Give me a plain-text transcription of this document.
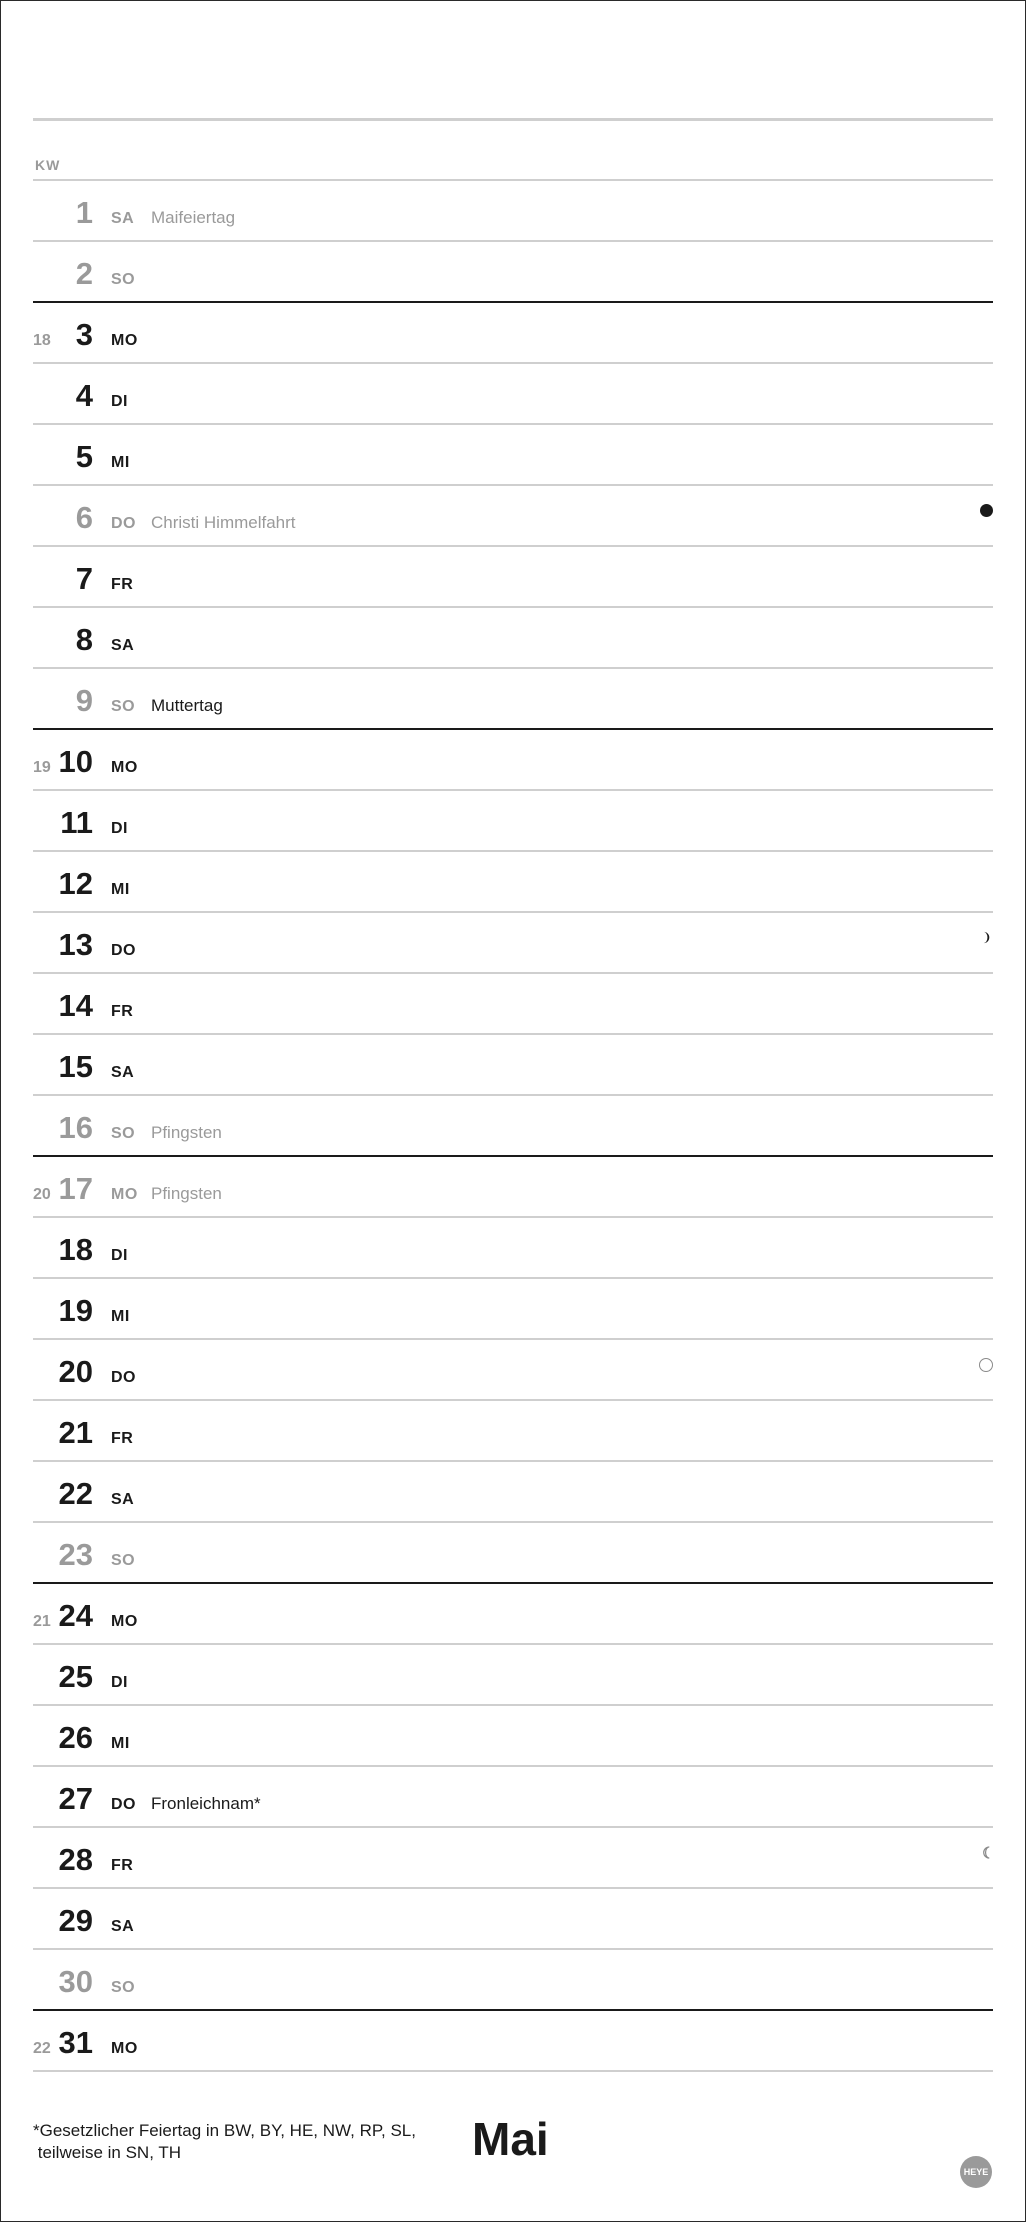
KW
1 SA Maifeiertag
2 SO
18 3 MO
4 DI
5 MI
6 DO Christi Himmelfahrt
7 FR
8 SA
9 SO Muttertag
19 10 MO
11 DI
12 MI
13 DO
14 FR
15 SA
16 SO Pfingsten
20 17 MO Pfingsten
18 DI
19 MI
20 DO
21 FR
22 SA
23 SO
21 24 MO
25 DI
26 MI
27 DO Fronleichnam*
28 FR
29 SA
30 SO
22 31 MO
*Gesetzlicher Feiertag in BW, BY, HE, NW, RP, SL,
teilweise in SN, TH	Mai
HEYE
